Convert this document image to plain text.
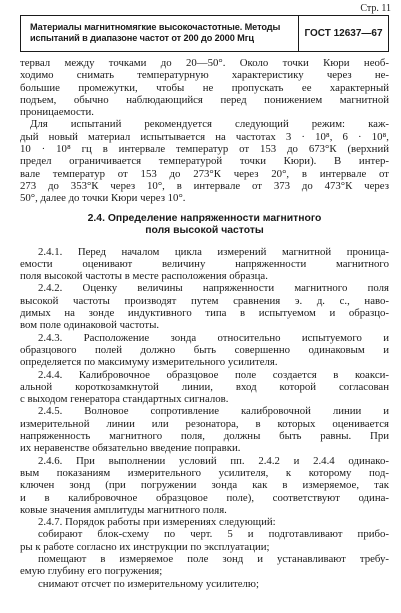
Стр. 11
Материалы магнитномягкие высокочастотные. Методы
испытаний в диапазоне частот от 200 до 2000 Мгц	ГОСТ 12637—67
тервал между точками до 20—50°. Около точки Кюри необ-
ходимо снимать температурную характеристику через не-
большие промежутки, чтобы не пропускать ее характерный
подъем, обычно наблюдающийся перед понижением магнитной
проницаемости.
Для испытаний рекомендуется следующий режим: каж-
дый новый материал испытывается на частотах 3 · 10⁸, 6 · 10⁸,
10 · 10⁸ гц в интервале температур от 153 до 673°К (верхний
предел ограничивается температурой точки Кюри). В интер-
вале температур от 153 до 273°К через 20°, в интервале от
273 до 353°К через 10°, в интервале от 373 до 473°К через
50°, далее до точки Кюри через 10°.
2.4. Определение напряженности магнитного
поля высокой частоты
2.4.1. Перед началом цикла измерений магнитной проница-
емости оценивают величину напряженности магнитного
поля высокой частоты в месте расположения образца.
2.4.2. Оценку величины напряженности магнитного поля
высокой частоты производят путем сравнения э. д. с., наво-
димых на зонде индуктивного типа в испытуемом и образцо-
вом поле одинаковой частоты.
2.4.3. Расположение зонда относительно испытуемого и
образцового полей должно быть совершенно одинаковым и
определяется по максимуму измерительного усилителя.
2.4.4. Калибровочное образцовое поле создается в коакси-
альной короткозамкнутой линии, вход которой согласован
с выходом генератора стандартных сигналов.
2.4.5. Волновое сопротивление калибровочной линии и
измерительной линии или резонатора, в которых оценивается
напряженность магнитного поля, должны быть равны. При
их неравенстве обязательно введение поправки.
2.4.6. При выполнении условий пп. 2.4.2 и 2.4.4 одинако-
вым показаниям измерительного усилителя, к которому под-
ключен зонд (при погружении зонда как в измеряемое, так
и в калибровочное образцовое поле), соответствуют одина-
ковые значения амплитуды магнитного поля.
2.4.7. Порядок работы при измерениях следующий:
собирают блок-схему по черт. 5 и подготавливают прибо-
ры к работе согласно их инструкции по эксплуатации;
помещают в измеряемое поле зонд и устанавливают требу-
емую глубину его погружения;
снимают отсчет по измерительному усилителю;
